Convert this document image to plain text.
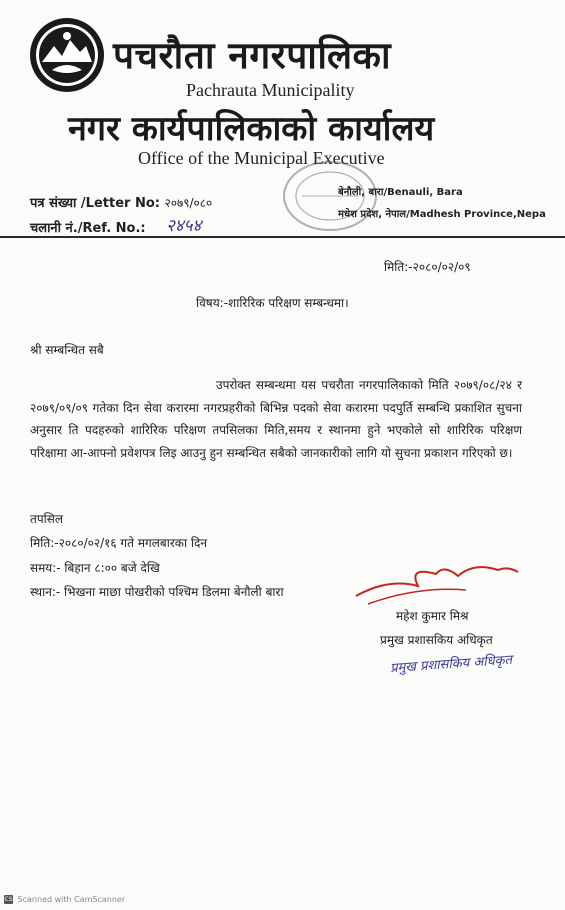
पचरौता नगरपालिका
Pachrauta Municipality
नगर कार्यपालिकाको कार्यालय
Office of the Municipal Executive
पत्र संख्या /Letter No: २०७९/०८०
चलानी नं./Ref. No.: २४५४
बेनौली, बारा/Benauli, Bara
मधेश प्रदेश, नेपाल/Madhesh Province,Nepa
मिति:-२०८०/०२/०९
विषय:-शारिरिक परिक्षण सम्बन्धमा।
श्री सम्बन्धित सबै
उपरोक्त सम्बन्धमा यस पचरौता नगरपालिकाको मिति २०७९/०८/२४ र २०७९/०९/०९ गतेका दिन सेवा करारमा नगरप्रहरीको बिभिन्न पदको सेवा करारमा पदपुर्ति सम्बन्धि प्रकाशित सुचना अनुसार ति पदहरुको शारिरिक परिक्षण तपसिलका मिति,समय र स्थानमा हुने भएकोले सो शारिरिक परिक्षण परिक्षामा आ-आफ्नो प्रवेशपत्र लिइ आउनु हुन सम्बन्धित सबैको जानकारीको लागि यो सुचना प्रकाशन गरिएको छ।
तपसिल
मिति:-२०८०/०२/१६ गते मगलबारका दिन
समय:- बिहान ८:०० बजे देखि
स्थान:- भिखना माछा पोखरीको पश्चिम डिलमा बेनौली बारा
महेश कुमार मिश्र
प्रमुख प्रशासकिय अधिकृत
प्रमुख प्रशासकिय अधिकृत
CS Scanned with CamScanner
